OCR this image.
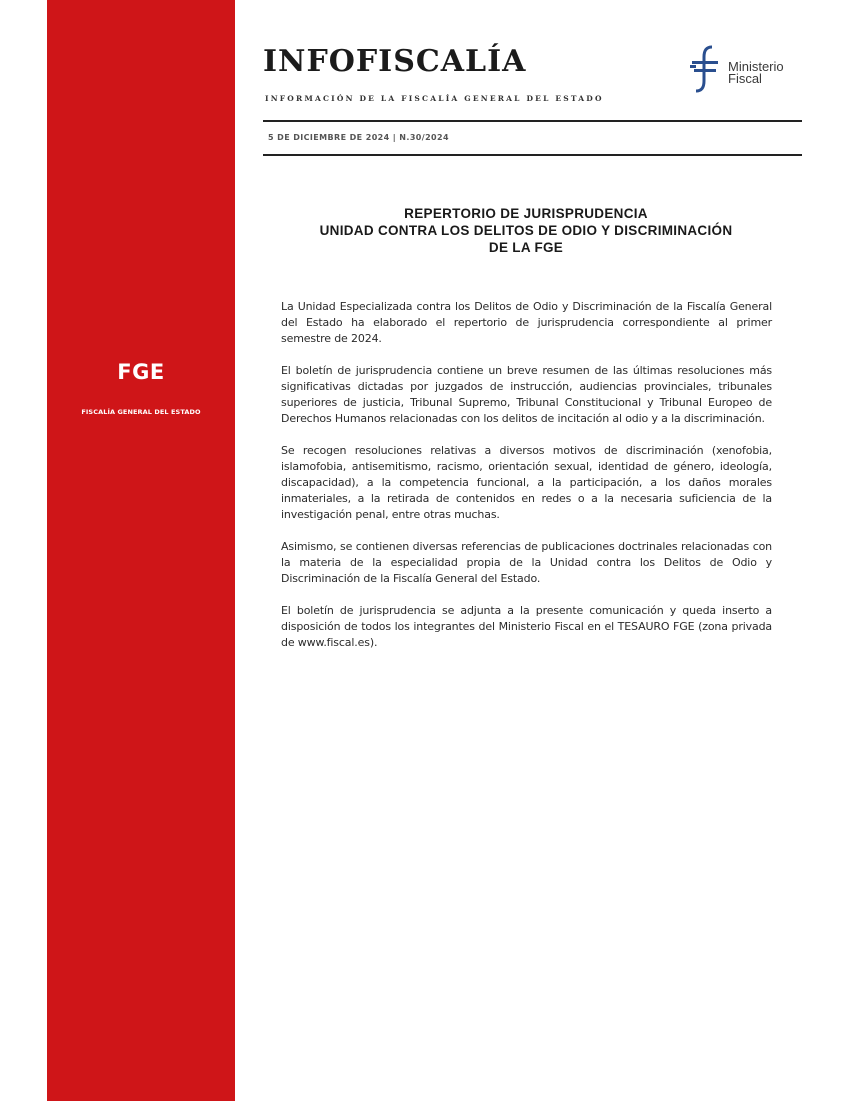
FGE
FISCALÍA GENERAL DEL ESTADO
INFOFISCALÍA
INFORMACIÓN DE LA FISCALÍA GENERAL DEL ESTADO
Ministerio
Fiscal
5 DE DICIEMBRE DE 2024 | N.30/2024
REPERTORIO DE JURISPRUDENCIA
UNIDAD CONTRA LOS DELITOS DE ODIO Y DISCRIMINACIÓN
DE LA FGE

La Unidad Especializada contra los Delitos de Odio y Discriminación de la Fiscalía General del Estado ha elaborado el repertorio de jurisprudencia correspondiente al primer semestre de 2024.

El boletín de jurisprudencia contiene un breve resumen de las últimas resoluciones más significativas dictadas por juzgados de instrucción, audiencias provinciales, tribunales superiores de justicia, Tribunal Supremo, Tribunal Constitucional y Tribunal Europeo de Derechos Humanos relacionadas con los delitos de incitación al odio y a la discriminación.

Se recogen resoluciones relativas a diversos motivos de discriminación (xenofobia, islamofobia, antisemitismo, racismo, orientación sexual, identidad de género, ideología, discapacidad), a la competencia funcional, a la participación, a los daños morales inmateriales, a la retirada de contenidos en redes o a la necesaria suficiencia de la investigación penal, entre otras muchas.

Asimismo, se contienen diversas referencias de publicaciones doctrinales relacionadas con la materia de la especialidad propia de la Unidad contra los Delitos de Odio y Discriminación de la Fiscalía General del Estado.

El boletín de jurisprudencia se adjunta a la presente comunicación y queda inserto a disposición de todos los integrantes del Ministerio Fiscal en el TESAURO FGE (zona privada de www.fiscal.es).
